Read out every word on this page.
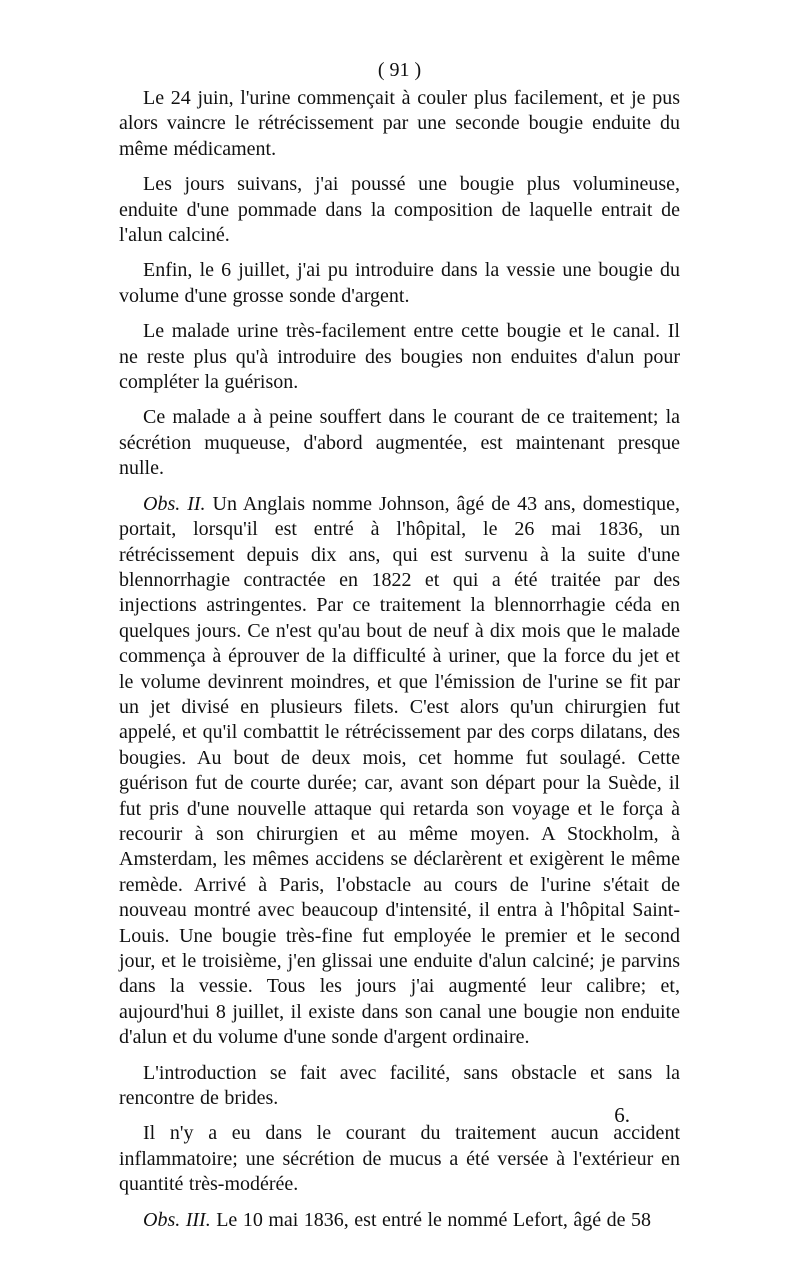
( 91 )

Le 24 juin, l'urine commençait à couler plus facilement, et je pus alors vaincre le rétrécissement par une seconde bougie enduite du même médicament.

Les jours suivans, j'ai poussé une bougie plus volumineuse, enduite d'une pommade dans la composition de laquelle entrait de l'alun calciné.

Enfin, le 6 juillet, j'ai pu introduire dans la vessie une bougie du volume d'une grosse sonde d'argent.

Le malade urine très-facilement entre cette bougie et le canal. Il ne reste plus qu'à introduire des bougies non enduites d'alun pour compléter la guérison.

Ce malade a à peine souffert dans le courant de ce traitement; la sécrétion muqueuse, d'abord augmentée, est maintenant presque nulle.

Obs. II. Un Anglais nomme Johnson, âgé de 43 ans, domestique, portait, lorsqu'il est entré à l'hôpital, le 26 mai 1836, un rétrécissement depuis dix ans, qui est survenu à la suite d'une blennorrhagie contractée en 1822 et qui a été traitée par des injections astringentes. Par ce traitement la blennorrhagie céda en quelques jours. Ce n'est qu'au bout de neuf à dix mois que le malade commença à éprouver de la difficulté à uriner, que la force du jet et le volume devinrent moindres, et que l'émission de l'urine se fit par un jet divisé en plusieurs filets. C'est alors qu'un chirurgien fut appelé, et qu'il combattit le rétrécissement par des corps dilatans, des bougies. Au bout de deux mois, cet homme fut soulagé. Cette guérison fut de courte durée; car, avant son départ pour la Suède, il fut pris d'une nouvelle attaque qui retarda son voyage et le força à recourir à son chirurgien et au même moyen. A Stockholm, à Amsterdam, les mêmes accidens se déclarèrent et exigèrent le même remède. Arrivé à Paris, l'obstacle au cours de l'urine s'était de nouveau montré avec beaucoup d'intensité, il entra à l'hôpital Saint-Louis. Une bougie très-fine fut employée le premier et le second jour, et le troisième, j'en glissai une enduite d'alun calciné; je parvins dans la vessie. Tous les jours j'ai augmenté leur calibre; et, aujourd'hui 8 juillet, il existe dans son canal une bougie non enduite d'alun et du volume d'une sonde d'argent ordinaire.

L'introduction se fait avec facilité, sans obstacle et sans la rencontre de brides.

Il n'y a eu dans le courant du traitement aucun accident inflammatoire; une sécrétion de mucus a été versée à l'extérieur en quantité très-modérée.

Obs. III. Le 10 mai 1836, est entré le nommé Lefort, âgé de 58

6.
